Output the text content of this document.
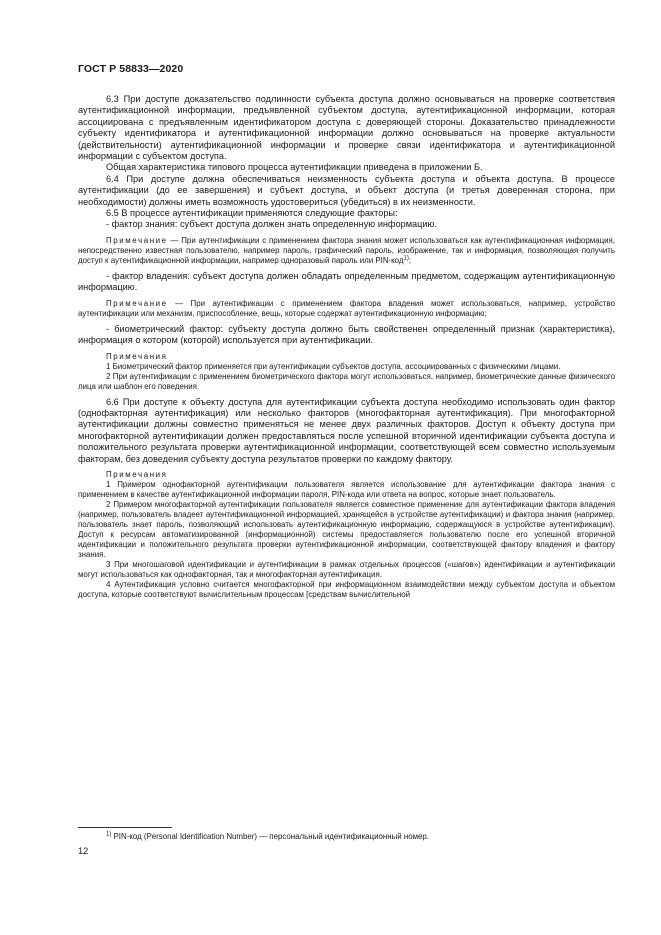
ГОСТ Р 58833—2020

6.3 При доступе доказательство подлинности субъекта доступа должно основываться на проверке соответствия аутентификационной информации, предъявленной субъектом доступа, аутентификационной информации, которая ассоциирована с предъявленным идентификатором доступа с доверяющей стороны. Доказательство принадлежности субъекту идентификатора и аутентификационной информации должно основываться на проверке актуальности (действительности) аутентификационной информации и проверке связи идентификатора и аутентификационной информации с субъектом доступа.

Общая характеристика типового процесса аутентификации приведена в приложении Б.

6.4 При доступе должна обеспечиваться неизменность субъекта доступа и объекта доступа. В процессе аутентификации (до ее завершения) и субъект доступа, и объект доступа (и третья доверенная сторона, при необходимости) должны иметь возможность удостовериться (убедиться) в их неизменности.

6.5 В процессе аутентификации применяются следующие факторы:

- фактор знания: субъект доступа должен знать определенную информацию.

Примечание — При аутентификации с применением фактора знания может использоваться как аутентификационная информация, непосредственно известная пользователю, например пароль, графический пароль, изображение, так и информация, позволяющая получить доступ к аутентификационной информации, например одноразовый пароль или PIN-код$^{1)}$;

- фактор владения: субъект доступа должен обладать определенным предметом, содержащим аутентификационную информацию.

Примечание — При аутентификации с применением фактора владения может использоваться, например, устройство аутентификации или механизм, приспособление, вещь, которые содержат аутентификационную информацию;

- биометрический фактор: субъекту доступа должно быть свойственен определенный признак (характеристика), информация о котором (которой) используется при аутентификации.

Примечания

1 Биометрический фактор применяется при аутентификации субъектов доступа, ассоциированных с физическими лицами.

2 При аутентификации с применением биометрического фактора могут использоваться, например, биометрические данные физического лица или шаблон его поведения.

6.6 При доступе к объекту доступа для аутентификации субъекта доступа необходимо использовать один фактор (однофакторная аутентификация) или несколько факторов (многофакторная аутентификация). При многофакторной аутентификации должны совместно применяться не менее двух различных факторов. Доступ к объекту доступа при многофакторной аутентификации должен предоставляться после успешной вторичной идентификации субъекта доступа и положительного результата проверки аутентификационной информации, соответствующей всем совместно используемым факторам, без доведения субъекту доступа результатов проверки по каждому фактору.

Примечания

1 Примером однофакторной аутентификации пользователя является использование для аутентификации фактора знания с применением в качестве аутентификационной информации пароля, PIN-кода или ответа на вопрос, которые знает пользователь.

2 Примером многофакторной аутентификации пользователя является совместное применение для аутентификации фактора владения (например, пользователь владеет аутентификационной информацией, хранящейся в устройстве аутентификации) и фактора знания (например, пользователь знает пароль, позволяющий использовать аутентификационную информацию, содержащуюся в устройстве аутентификации). Доступ к ресурсам автоматизированной (информационной) системы предоставляется пользователю после его успешной вторичной идентификации и положительного результата проверки аутентификационной информации, соответствующей фактору владения и фактору знания.

3 При многошаговой идентификации и аутентификации в рамках отдельных процессов («шагов») идентификации и аутентификации могут использоваться как однофакторная, так и многофакторная аутентификация.

4 Аутентификация условно считается многофакторной при информационном взаимодействии между субъектом доступа и объектом доступа, которые соответствуют вычислительным процессам [средствам вычислительной

$^{1)}$ PIN-код (Personal Identification Number) — персональный идентификационный номер.

12
